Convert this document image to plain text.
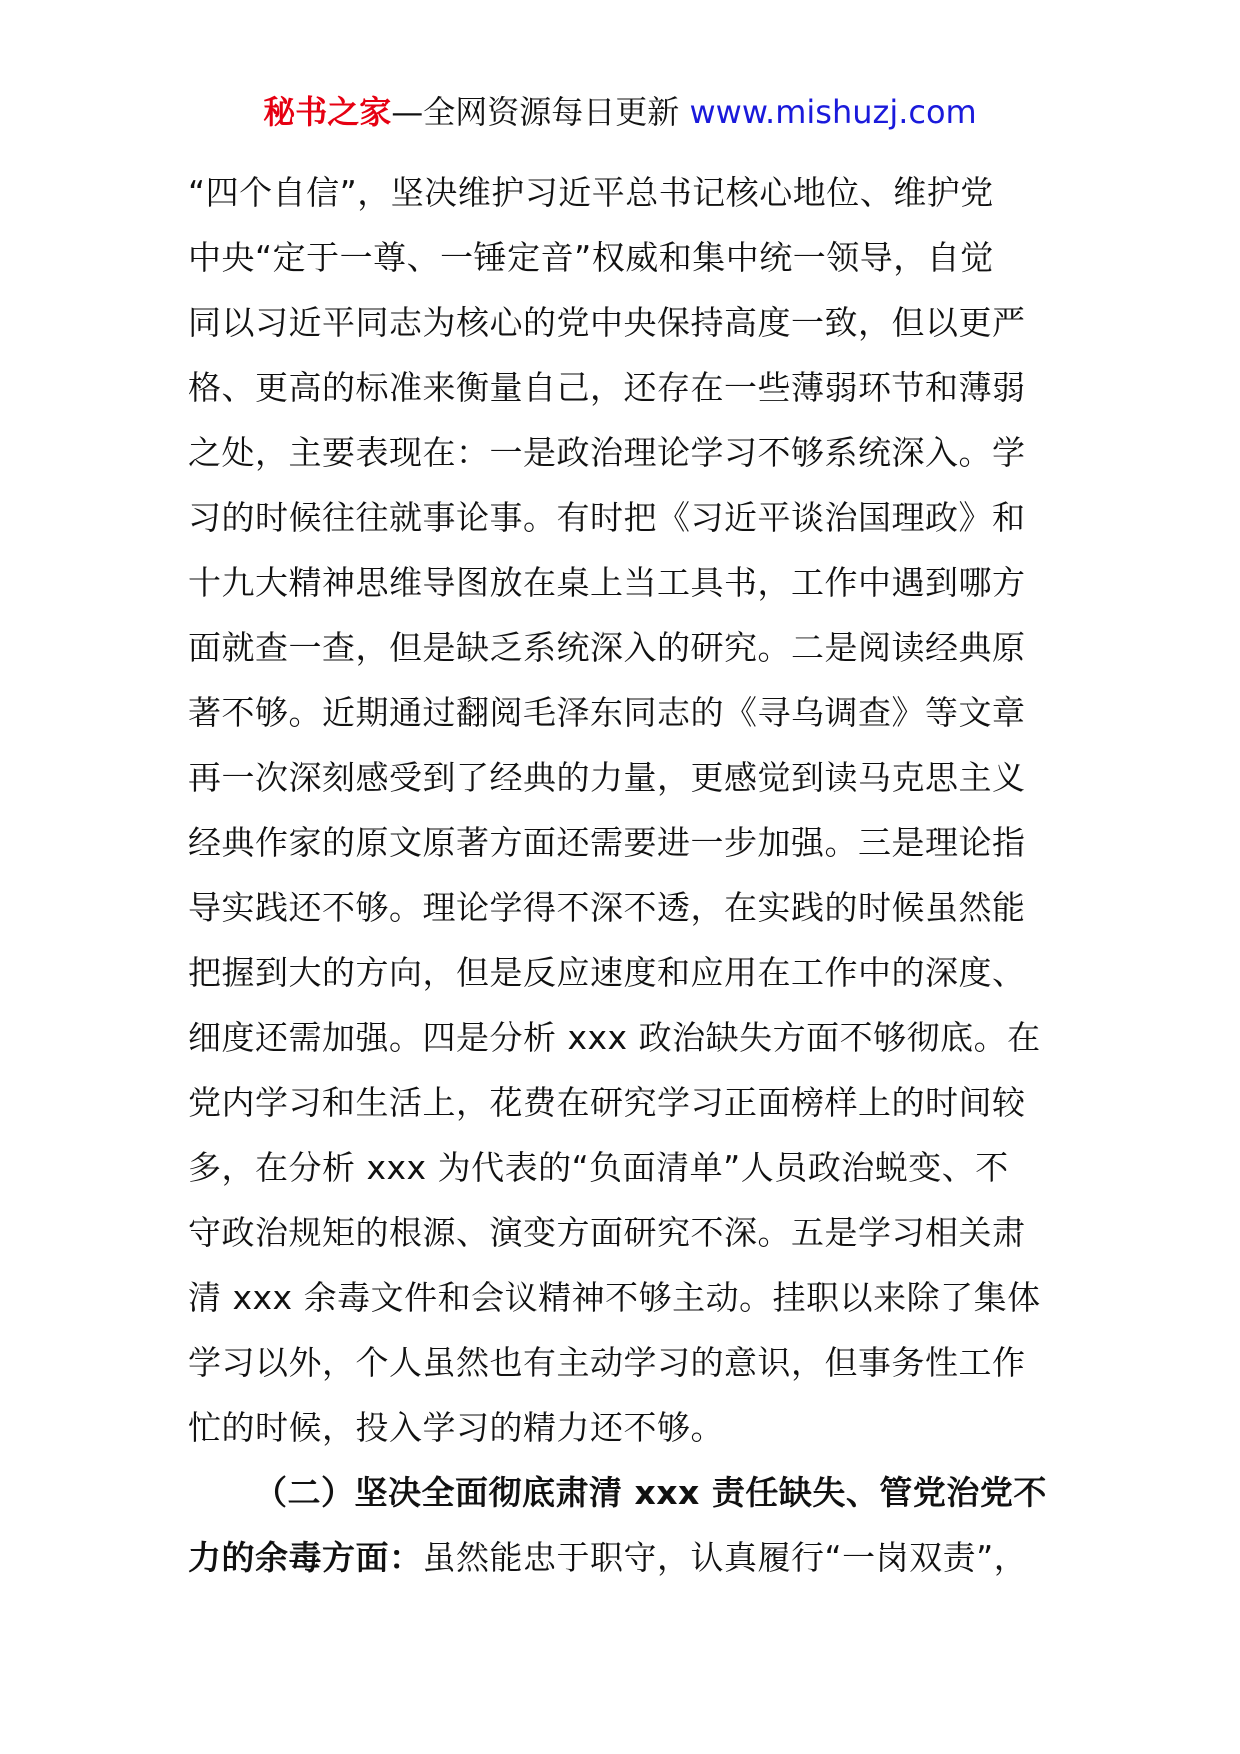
秘书之家—全网资源每日更新 www.mishuzj.com
“四个自信”，坚决维护习近平总书记核心地位、维护党
中央“定于一尊、一锤定音”权威和集中统一领导，自觉
同以习近平同志为核心的党中央保持高度一致，但以更严
格、更高的标准来衡量自己，还存在一些薄弱环节和薄弱
之处，主要表现在：一是政治理论学习不够系统深入。学
习的时候往往就事论事。有时把《习近平谈治国理政》和
十九大精神思维导图放在桌上当工具书，工作中遇到哪方
面就查一查，但是缺乏系统深入的研究。二是阅读经典原
著不够。近期通过翻阅毛泽东同志的《寻乌调查》等文章
再一次深刻感受到了经典的力量，更感觉到读马克思主义
经典作家的原文原著方面还需要进一步加强。三是理论指
导实践还不够。理论学得不深不透，在实践的时候虽然能
把握到大的方向，但是反应速度和应用在工作中的深度、
细度还需加强。四是分析 xxx 政治缺失方面不够彻底。在
党内学习和生活上，花费在研究学习正面榜样上的时间较
多，在分析 xxx 为代表的“负面清单”人员政治蜕变、不
守政治规矩的根源、演变方面研究不深。五是学习相关肃
清 xxx 余毒文件和会议精神不够主动。挂职以来除了集体
学习以外，个人虽然也有主动学习的意识，但事务性工作
忙的时候，投入学习的精力还不够。
（二）坚决全面彻底肃清 xxx 责任缺失、管党治党不
力的余毒方面：虽然能忠于职守，认真履行“一岗双责”，
